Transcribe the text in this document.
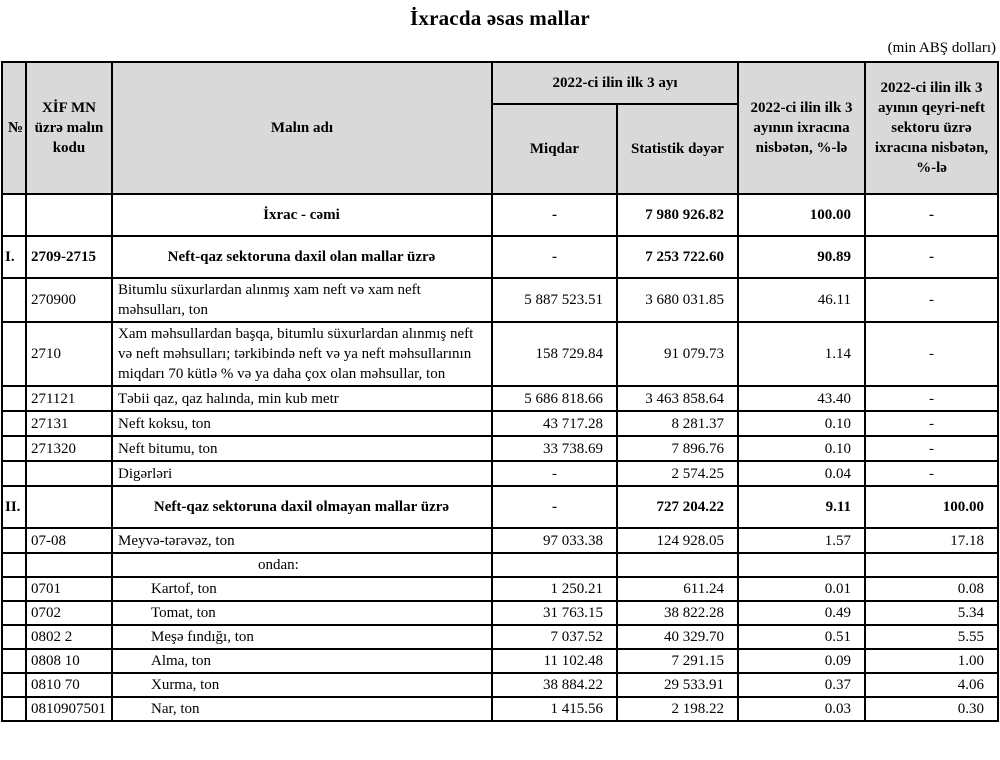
İxracda əsas mallar
(min ABŞ dolları)
№	XİF MN üzrə malın kodu	Malın adı	2022-ci ilin ilk 3 ayı		2022-ci ilin ilk 3 ayının ixracına nisbətən, %-lə	2022-ci ilin ilk 3 ayının qeyri-neft sektoru üzrə ixracına nisbətən, %-lə
			Miqdar	Statistik dəyər		
		İxrac - cəmi	-	7 980 926.82	100.00	-
I.	2709-2715	Neft-qaz sektoruna daxil olan mallar üzrə	-	7 253 722.60	90.89	-
	270900	Bitumlu süxurlardan alınmış xam neft və xam neft məhsulları, ton	5 887 523.51	3 680 031.85	46.11	-
	2710	Xam məhsullardan başqa, bitumlu süxurlardan alınmış neft və neft məhsulları; tərkibində neft və ya neft məhsullarının miqdarı 70 kütlə % və ya daha çox olan məhsullar, ton	158 729.84	91 079.73	1.14	-
	271121	Təbii qaz, qaz halında, min kub metr	5 686 818.66	3 463 858.64	43.40	-
	27131	Neft koksu, ton	43 717.28	8 281.37	0.10	-
	271320	Neft bitumu, ton	33 738.69	7 896.76	0.10	-
		Digərləri	-	2 574.25	0.04	-
II.		Neft-qaz sektoruna daxil olmayan mallar üzrə	-	727 204.22	9.11	100.00
	07-08	Meyvə-tərəvəz, ton	97 033.38	124 928.05	1.57	17.18
		ondan:				
	0701	Kartof, ton	1 250.21	611.24	0.01	0.08
	0702	Tomat, ton	31 763.15	38 822.28	0.49	5.34
	0802 2	Meşə fındığı, ton	7 037.52	40 329.70	0.51	5.55
	0808 10	Alma, ton	11 102.48	7 291.15	0.09	1.00
	0810 70	Xurma, ton	38 884.22	29 533.91	0.37	4.06
	0810907501	Nar, ton	1 415.56	2 198.22	0.03	0.30
